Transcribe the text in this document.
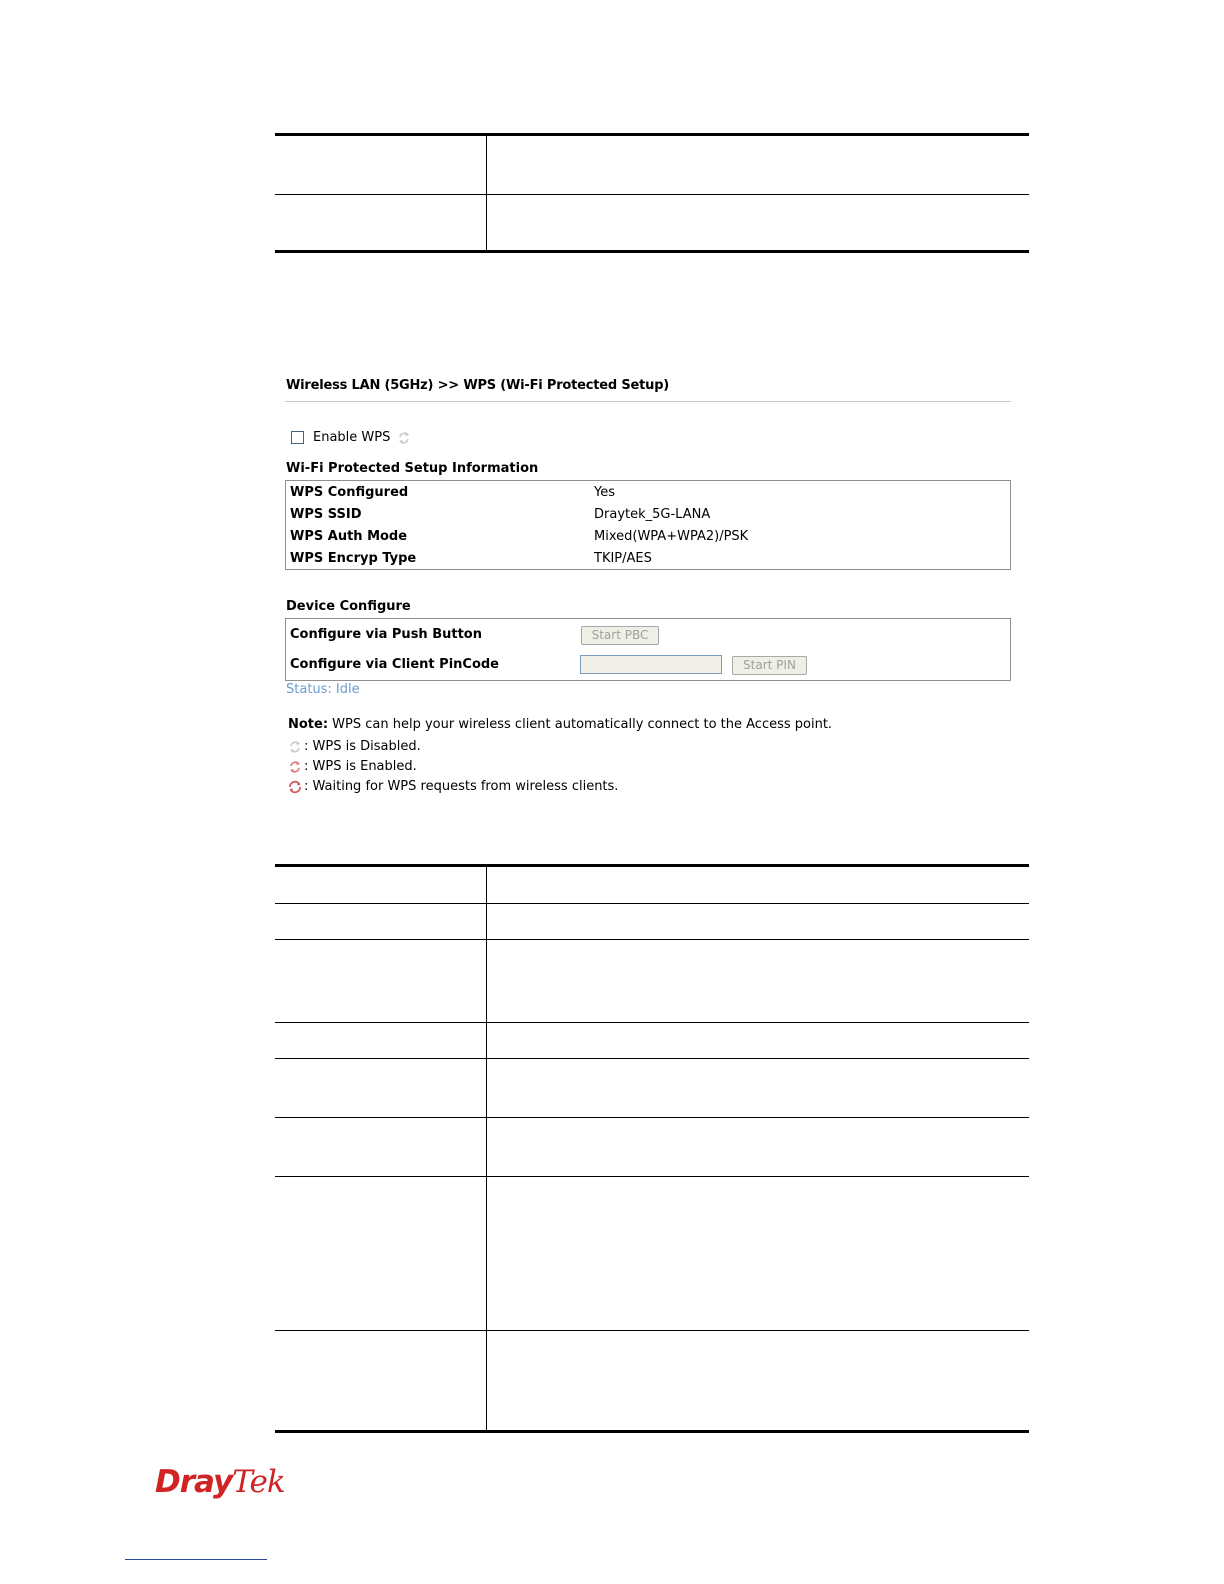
Wireless LAN (5GHz) >> WPS (Wi-Fi Protected Setup)
Enable WPS
Wi-Fi Protected Setup Information
WPS Configured	Yes
WPS SSID	Draytek_5G-LANA
WPS Auth Mode	Mixed(WPA+WPA2)/PSK
WPS Encryp Type	TKIP/AES
Device Configure
Configure via Push Button	Start PBC
Configure via Client PinCode	Start PIN
Status: Idle
Note: WPS can help your wireless client automatically connect to the Access point.
: WPS is Disabled.
: WPS is Enabled.
: Waiting for WPS requests from wireless clients.
DrayTek
